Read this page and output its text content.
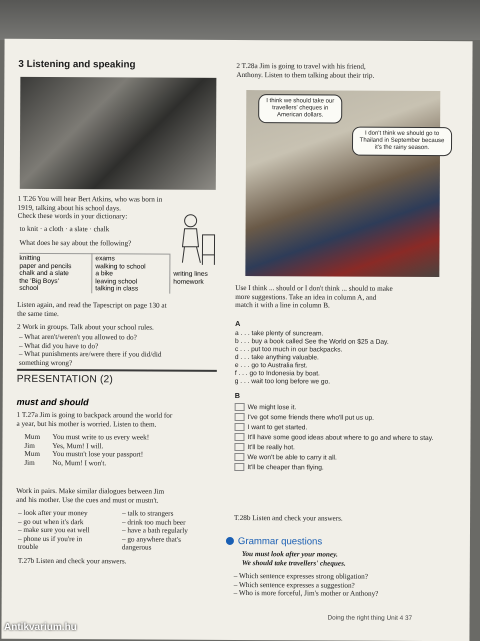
3 Listening and speaking
1 T.26 You will hear Bert Atkins, who was born in
1919, talking about his school days.
Check these words in your dictionary:
to knit · a cloth · a slate · chalk
What does he say about the following?
knitting
paper and pencils
chalk and a slate
the 'Big Boys'
school
exams
walking to school
a bike
leaving school
talking in class
writing lines
homework
Listen again, and read the Tapescript on page 130 at
the same time.
2 Work in groups. Talk about your school rules.
– What aren't/weren't you allowed to do?
– What did you have to do?
– What punishments are/were there if you did/did
something wrong?
PRESENTATION (2)
must and should
1 T.27a Jim is going to backpack around the world for
a year, but his mother is worried. Listen to them.
Mum You must write to us every week!
Jim Yes, Mum! I will.
Mum You mustn't lose your passport!
Jim No, Mum! I won't.
Work in pairs. Make similar dialogues between Jim
and his mother. Use the cues and must or mustn't.
– look after your money
– go out when it's dark
– make sure you eat well
– phone us if you're in
trouble
– talk to strangers
– drink too much beer
– have a bath regularly
– go anywhere that's
dangerous
T.27b Listen and check your answers.
2 T.28a Jim is going to travel with his friend,
Anthony. Listen to them talking about their trip.
I think we should take our travellers' cheques in American dollars.
I don't think we should go to Thailand in September because it's the rainy season.
Use I think ... should or I don't think ... should to make
more suggestions. Take an idea in column A, and
match it with a line in column B.
A
a . . . take plenty of suncream.
b . . . buy a book called See the World on $25 a Day.
c . . . put too much in our backpacks.
d . . . take anything valuable.
e . . . go to Australia first.
f . . . go to Indonesia by boat.
g . . . wait too long before we go.
B
We might lose it.
I've got some friends there who'll put us up.
I want to get started.
It'll have some good ideas about where to go and where to stay.
It'll be really hot.
We won't be able to carry it all.
It'll be cheaper than flying.
T.28b Listen and check your answers.
Grammar questions
You must look after your money.
We should take travellers' cheques.
– Which sentence expresses strong obligation?
– Which sentence expresses a suggestion?
– Who is more forceful, Jim's mother or Anthony?
Doing the right thing Unit 4 37
Antikvarium.hu
